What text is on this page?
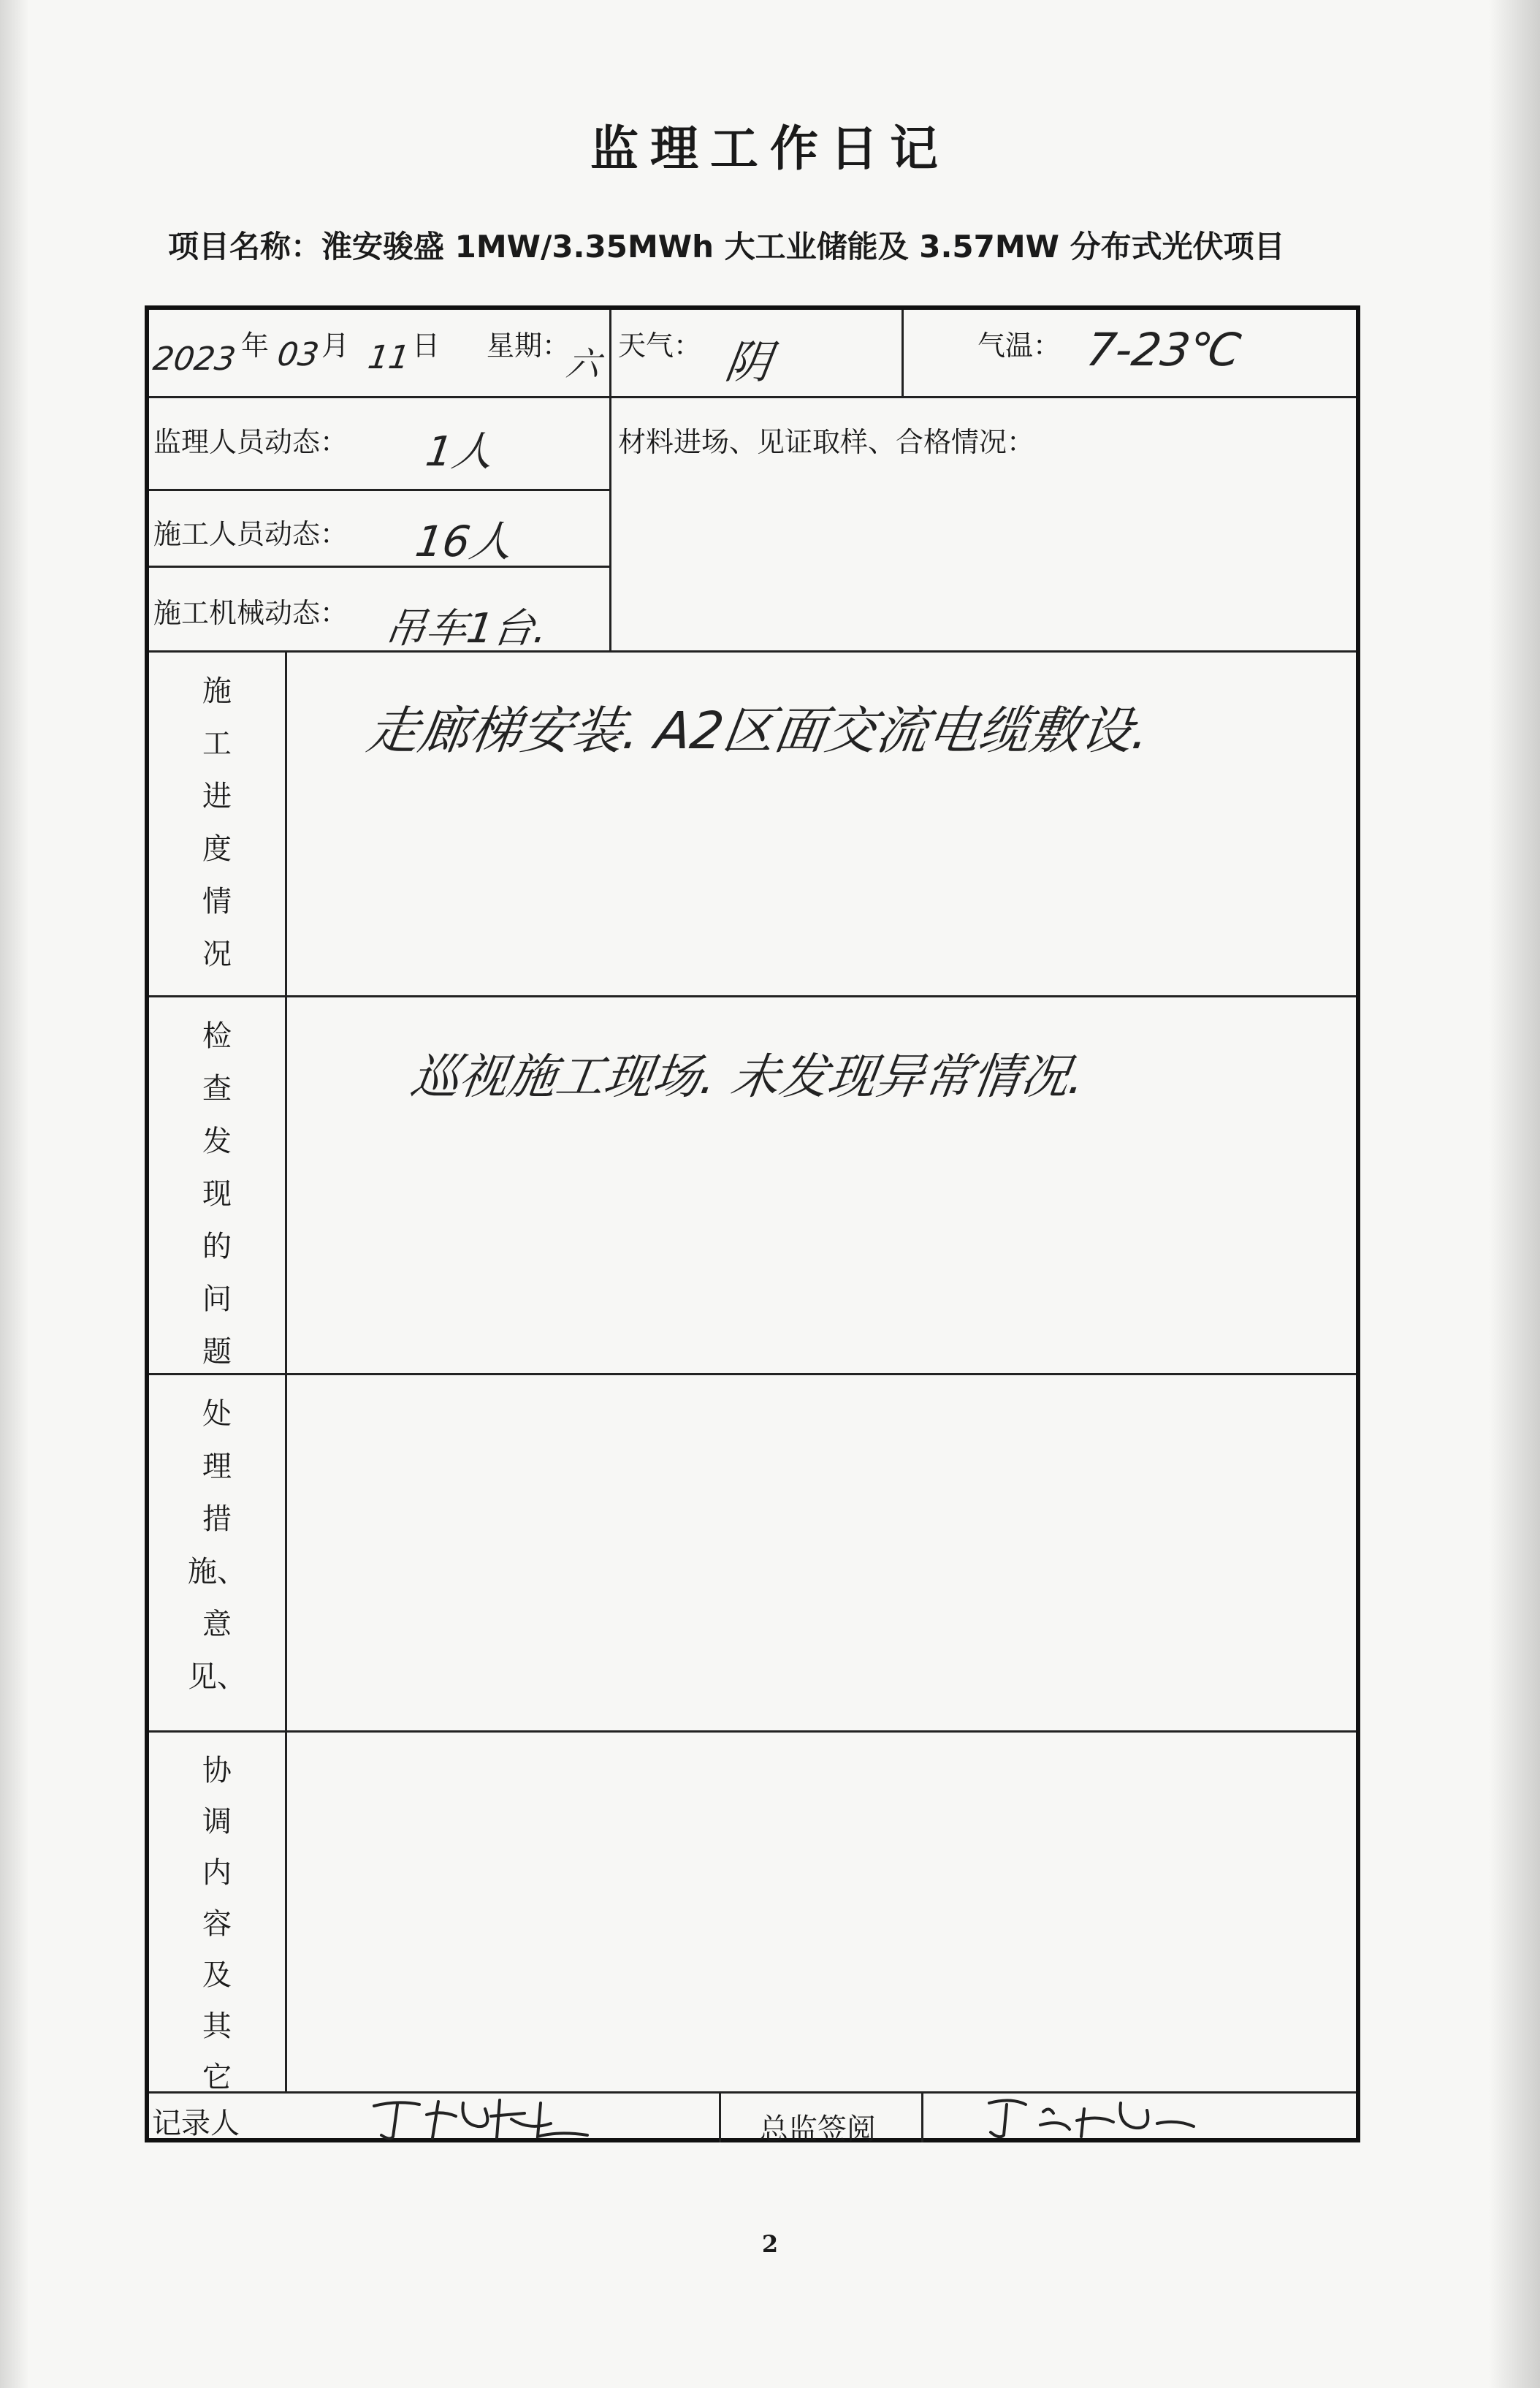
监理工作日记
项目名称：淮安骏盛 1MW/3.35MWh 大工业储能及 3.57MW 分布式光伏项目
2023 年 03 月 11 日 星期：
六 天气： 阴	气温： 7-23℃
监理人员动态： 1人
施工人员动态： 16人
施工机械动态： 吊车1台.
材料进场、见证取样、合格情况：
施
工
进
度
情
况
走廊梯安装. A2区面交流电缆敷设.
检
查
发
现
的
问
题
巡视施工现场. 未发现异常情况.
处
理
措
施、
意
见、
协
调
内
容
及
其
它
记录人	总监签阅
2
